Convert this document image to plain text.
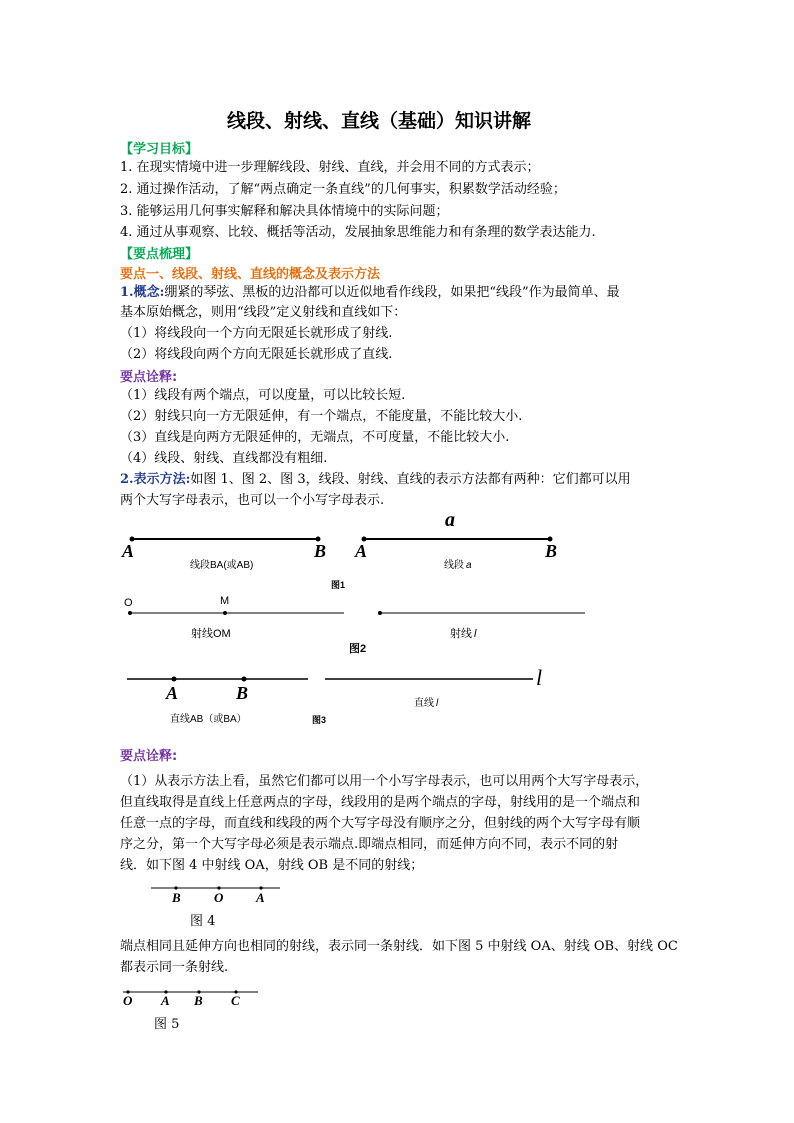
线段、射线、直线（基础）知识讲解
【学习目标】
1. 在现实情境中进一步理解线段、射线、直线，并会用不同的方式表示；
2. 通过操作活动，了解“两点确定一条直线”的几何事实，积累数学活动经验；
3. 能够运用几何事实解释和解决具体情境中的实际问题；
4. 通过从事观察、比较、概括等活动，发展抽象思维能力和有条理的数学表达能力.
【要点梳理】
要点一、线段、射线、直线的概念及表示方法
1.概念:绷紧的琴弦、黑板的边沿都可以近似地看作线段，如果把“线段”作为最简单、最
基本原始概念，则用“线段”定义射线和直线如下：
（1）将线段向一个方向无限延长就形成了射线.
（2）将线段向两个方向无限延长就形成了直线.
要点诠释:
（1）线段有两个端点，可以度量，可以比较长短.
（2）射线只向一方无限延伸，有一个端点，不能度量，不能比较大小.
（3）直线是向两方无限延伸的，无端点，不可度量，不能比较大小.
（4）线段、射线、直线都没有粗细.
2.表示方法:如图 1、图 2、图 3，线段、射线、直线的表示方法都有两种：它们都可以用
两个大写字母表示，也可以一个小写字母表示.
A	B
线段BA(或AB)
a
A	B
线段 a
图1
O	M
射线OM	射线 l
图2
A	B
直线AB（或BA）
l
直线 l
图3
要点诠释:
（1）从表示方法上看，虽然它们都可以用一个小写字母表示，也可以用两个大写字母表示，
但直线取得是直线上任意两点的字母，线段用的是两个端点的字母，射线用的是一个端点和
任意一点的字母，而直线和线段的两个大写字母没有顺序之分，但射线的两个大写字母有顺
序之分，第一个大写字母必须是表示端点.即端点相同，而延伸方向不同，表示不同的射
线．如下图 4 中射线 OA，射线 OB 是不同的射线；
B	O	A
图 4
端点相同且延伸方向也相同的射线，表示同一条射线．如下图 5 中射线 OA、射线 OB、射线 OC
都表示同一条射线.
O A B C
图 5
